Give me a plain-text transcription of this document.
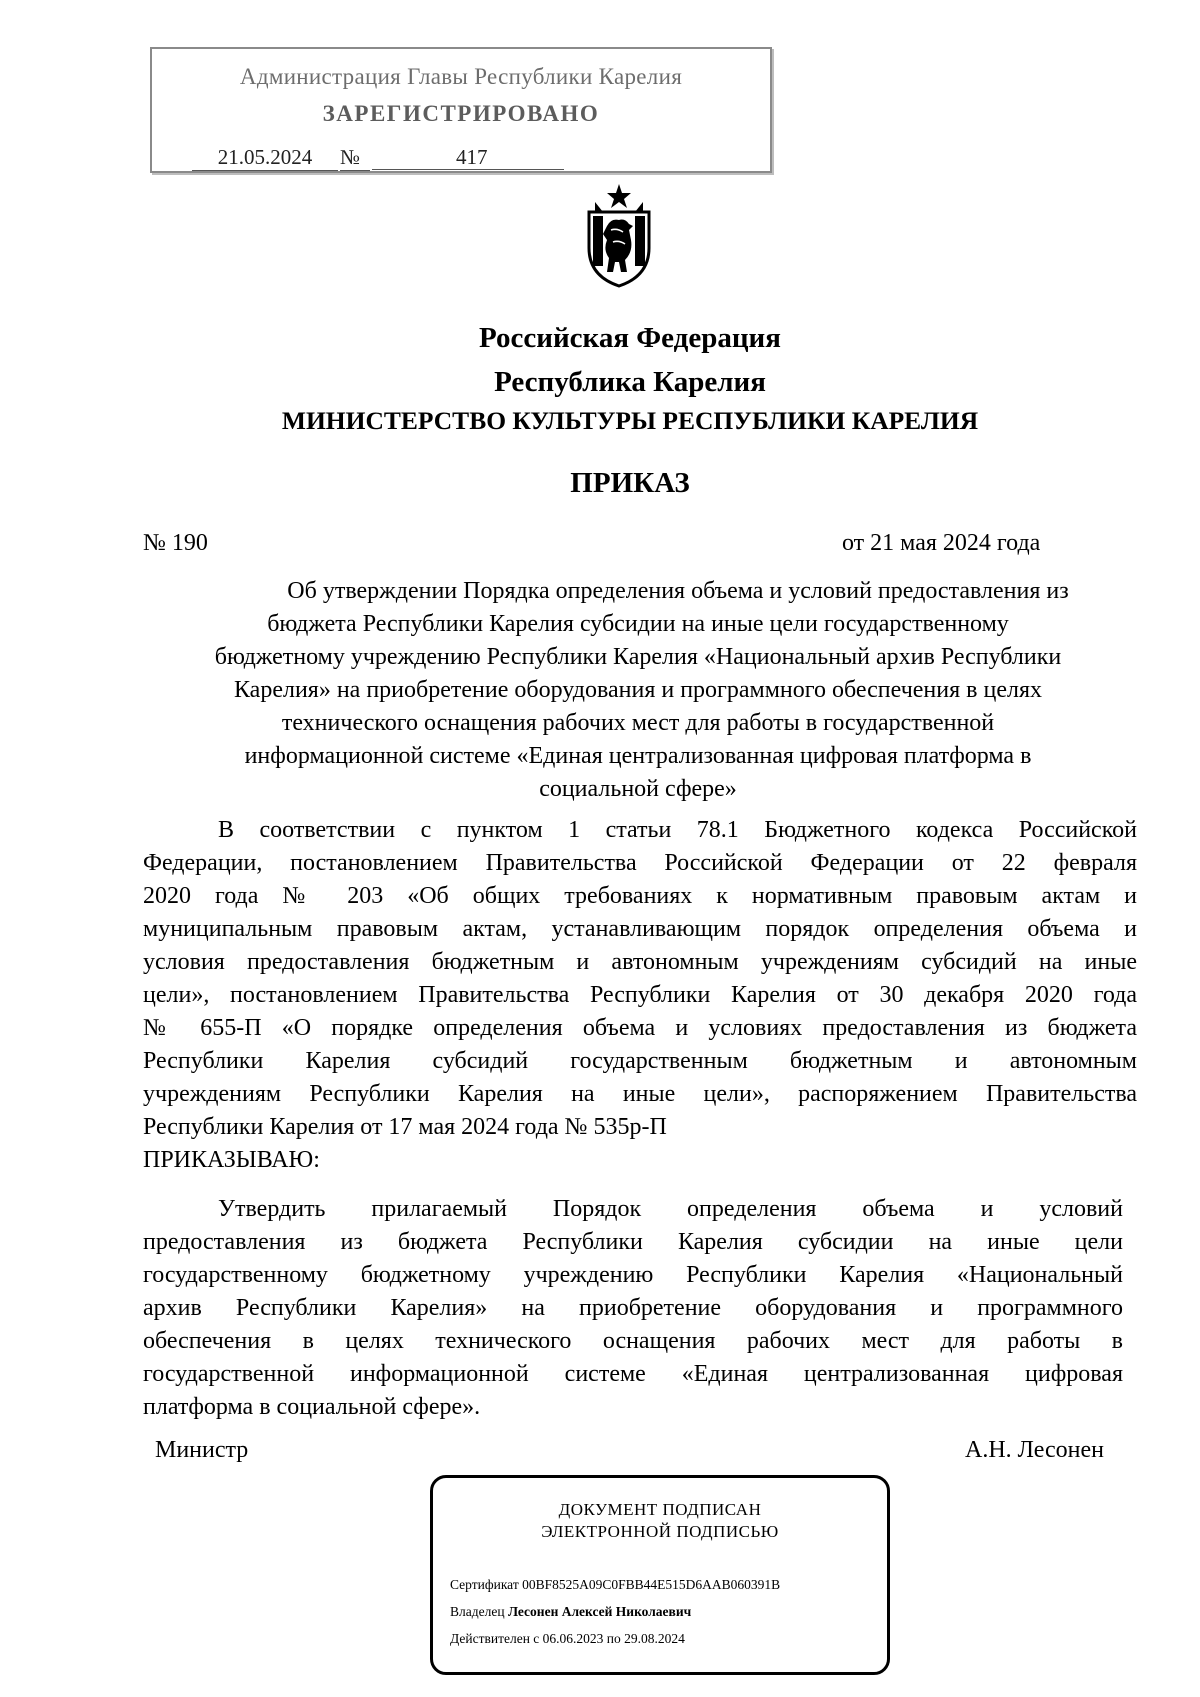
Администрация Главы Республики Карелия
ЗАРЕГИСТРИРОВАНО
21.05.2024	№	417
Российская Федерация
Республика Карелия
МИНИСТЕРСТВО КУЛЬТУРЫ РЕСПУБЛИКИ КАРЕЛИЯ
ПРИКАЗ
№ 190	от 21 мая 2024 года
Об утверждении Порядка определения объема и условий предоставления из
бюджета Республики Карелия субсидии на иные цели государственному
бюджетному учреждению Республики Карелия «Национальный архив Республики
Карелия» на приобретение оборудования и программного обеспечения в целях
технического оснащения рабочих мест для работы в государственной
информационной системе «Единая централизованная цифровая платформа в
социальной сфере»
В соответствии с пунктом 1 статьи 78.1 Бюджетного кодекса Российской
Федерации, постановлением Правительства Российской Федерации от 22 февраля
2020 года № 203 «Об общих требованиях к нормативным правовым актам и
муниципальным правовым актам, устанавливающим порядок определения объема и
условия предоставления бюджетным и автономным учреждениям субсидий на иные
цели», постановлением Правительства Республики Карелия от 30 декабря 2020 года
№ 655-П «О порядке определения объема и условиях предоставления из бюджета
Республики Карелия субсидий государственным бюджетным и автономным
учреждениям Республики Карелия на иные цели», распоряжением Правительства
Республики Карелия от 17 мая 2024 года № 535р-П
ПРИКАЗЫВАЮ:
Утвердить прилагаемый Порядок определения объема и условий
предоставления из бюджета Республики Карелия субсидии на иные цели
государственному бюджетному учреждению Республики Карелия «Национальный
архив Республики Карелия» на приобретение оборудования и программного
обеспечения в целях технического оснащения рабочих мест для работы в
государственной информационной системе «Единая централизованная цифровая
платформа в социальной сфере».
Министр	А.Н. Лесонен
ДОКУМЕНТ ПОДПИСАН
ЭЛЕКТРОННОЙ ПОДПИСЬЮ
Сертификат 00BF8525A09C0FBB44E515D6AAB060391B
Владелец Лесонен Алексей Николаевич
Действителен с 06.06.2023 по 29.08.2024
